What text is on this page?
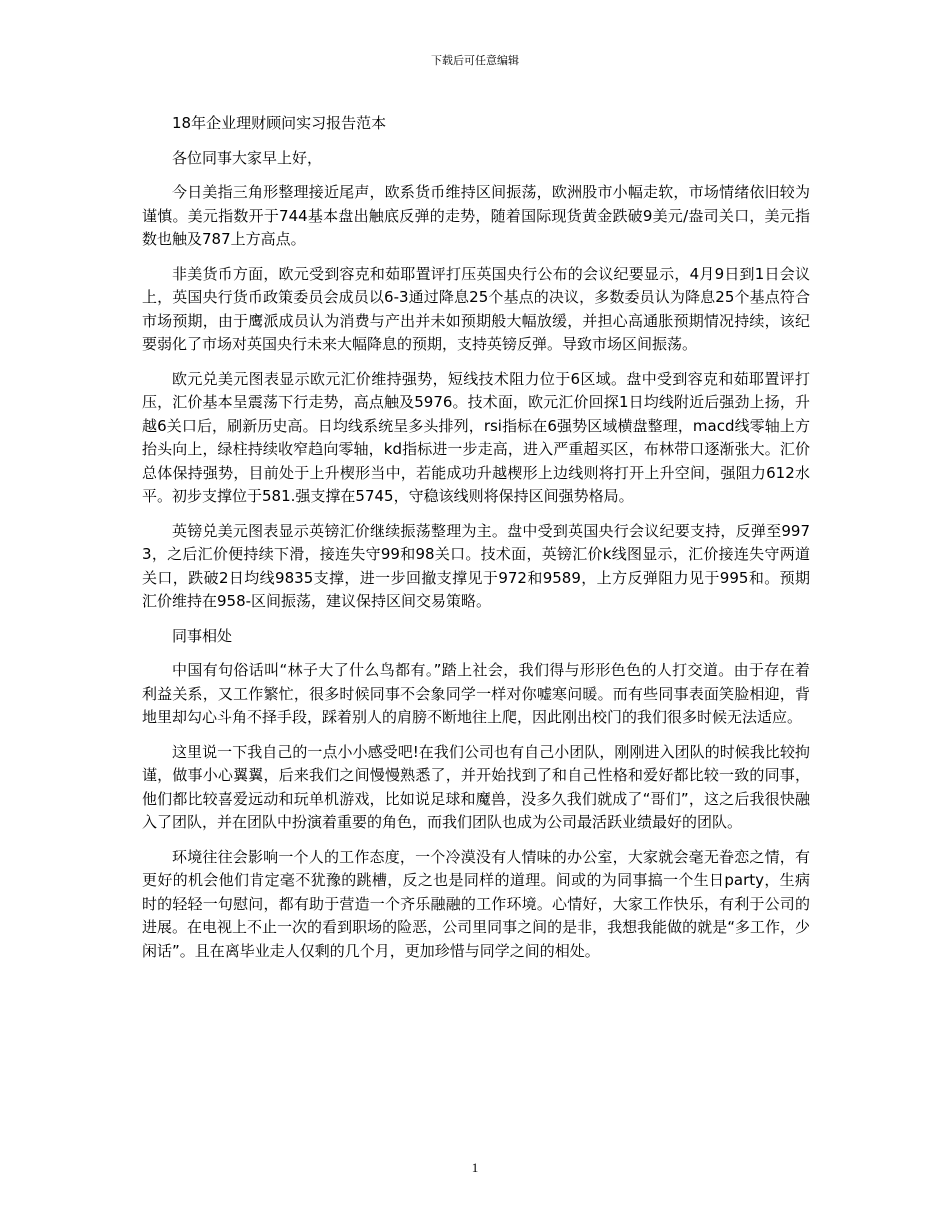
下载后可任意编辑

18年企业理财顾问实习报告范本

各位同事大家早上好，

今日美指三角形整理接近尾声，欧系货币维持区间振荡，欧洲股市小幅走软，市场情绪依旧较为谨慎。美元指数开于744基本盘出触底反弹的走势，随着国际现货黄金跌破9美元/盎司关口，美元指数也触及787上方高点。

非美货币方面，欧元受到容克和茹耶置评打压英国央行公布的会议纪要显示，4月9日到1日会议上，英国央行货币政策委员会成员以6-3通过降息25个基点的决议，多数委员认为降息25个基点符合市场预期，由于鹰派成员认为消费与产出并未如预期般大幅放缓，并担心高通胀预期情况持续，该纪要弱化了市场对英国央行未来大幅降息的预期，支持英镑反弹。导致市场区间振荡。

欧元兑美元图表显示欧元汇价维持强势，短线技术阻力位于6区域。盘中受到容克和茹耶置评打压，汇价基本呈震荡下行走势，高点触及5976。技术面，欧元汇价回探1日均线附近后强劲上扬，升越6关口后，刷新历史高。日均线系统呈多头排列，rsi指标在6强势区域横盘整理，macd线零轴上方抬头向上，绿柱持续收窄趋向零轴，kd指标进一步走高，进入严重超买区，布林带口逐渐张大。汇价总体保持强势，目前处于上升楔形当中，若能成功升越楔形上边线则将打开上升空间，强阻力612水平。初步支撑位于581.强支撑在5745，守稳该线则将保持区间强势格局。

英镑兑美元图表显示英镑汇价继续振荡整理为主。盘中受到英国央行会议纪要支持，反弹至9973，之后汇价便持续下滑，接连失守99和98关口。技术面，英镑汇价k线图显示，汇价接连失守两道关口，跌破2日均线9835支撑，进一步回撤支撑见于972和9589，上方反弹阻力见于995和。预期汇价维持在958-区间振荡，建议保持区间交易策略。

同事相处

中国有句俗话叫“林子大了什么鸟都有。”踏上社会，我们得与形形色色的人打交道。由于存在着利益关系，又工作繁忙，很多时候同事不会象同学一样对你嘘寒问暖。而有些同事表面笑脸相迎，背地里却勾心斗角不择手段，踩着别人的肩膀不断地往上爬，因此刚出校门的我们很多时候无法适应。

这里说一下我自己的一点小小感受吧!在我们公司也有自己小团队，刚刚进入团队的时候我比较拘谨，做事小心翼翼，后来我们之间慢慢熟悉了，并开始找到了和自己性格和爱好都比较一致的同事，他们都比较喜爱远动和玩单机游戏，比如说足球和魔兽，没多久我们就成了“哥们”，这之后我很快融入了团队，并在团队中扮演着重要的角色，而我们团队也成为公司最活跃业绩最好的团队。

环境往往会影响一个人的工作态度，一个冷漠没有人情味的办公室，大家就会毫无眷恋之情，有更好的机会他们肯定毫不犹豫的跳槽，反之也是同样的道理。间或的为同事搞一个生日party，生病时的轻轻一句慰问，都有助于营造一个齐乐融融的工作环境。心情好，大家工作快乐，有利于公司的进展。在电视上不止一次的看到职场的险恶，公司里同事之间的是非，我想我能做的就是“多工作，少闲话”。且在离毕业走人仅剩的几个月，更加珍惜与同学之间的相处。

1
